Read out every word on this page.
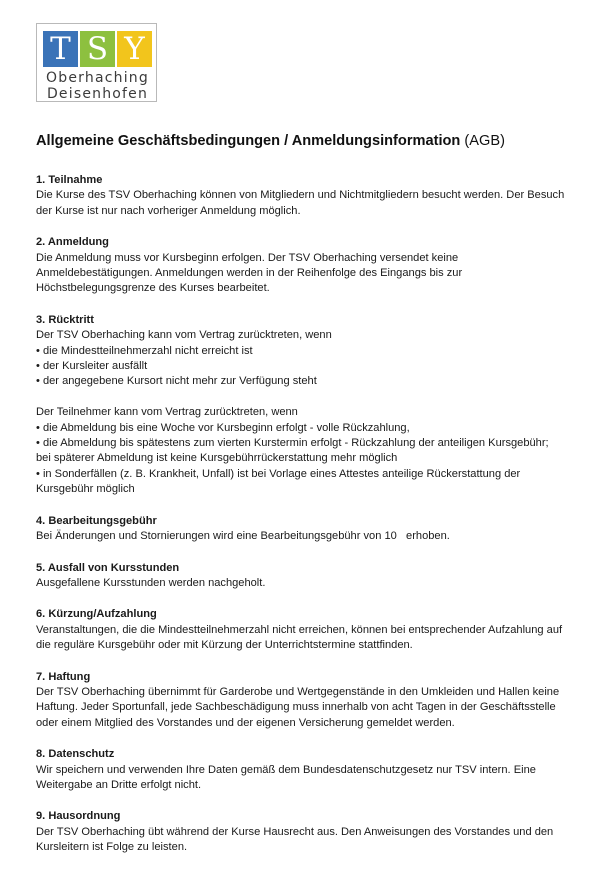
T S Y
Oberhaching
Deisenhofen
Allgemeine Geschäftsbedingungen / Anmeldungsinformation (AGB)
1. Teilnahme

Die Kurse des TSV Oberhaching können von Mitgliedern und Nichtmitgliedern besucht werden. Der Besuch der Kurse ist nur nach vorheriger Anmeldung möglich.

2. Anmeldung

Die Anmeldung muss vor Kursbeginn erfolgen. Der TSV Oberhaching versendet keine Anmeldebestätigungen. Anmeldungen werden in der Reihenfolge des Eingangs bis zur Höchstbelegungsgrenze des Kurses bearbeitet.

3. Rücktritt

Der TSV Oberhaching kann vom Vertrag zurücktreten, wenn

• die Mindestteilnehmerzahl nicht erreicht ist
• der Kursleiter ausfällt
• der angegebene Kursort nicht mehr zur Verfügung steht

Der Teilnehmer kann vom Vertrag zurücktreten, wenn

• die Abmeldung bis eine Woche vor Kursbeginn erfolgt - volle Rückzahlung,
• die Abmeldung bis spätestens zum vierten Kurstermin erfolgt - Rückzahlung der anteiligen Kursgebühr; bei späterer Abmeldung ist keine Kursgebührrückerstattung mehr möglich
• in Sonderfällen (z. B. Krankheit, Unfall) ist bei Vorlage eines Attestes anteilige Rückerstattung der Kursgebühr möglich
4. Bearbeitungsgebühr

Bei Änderungen und Stornierungen wird eine Bearbeitungsgebühr von 10   erhoben.

5. Ausfall von Kursstunden

Ausgefallene Kursstunden werden nachgeholt.

6. Kürzung/Aufzahlung

Veranstaltungen, die die Mindestteilnehmerzahl nicht erreichen, können bei entsprechender Aufzahlung auf die reguläre Kursgebühr oder mit Kürzung der Unterrichtstermine stattfinden.

7. Haftung

Der TSV Oberhaching übernimmt für Garderobe und Wertgegenstände in den Umkleiden und Hallen keine Haftung. Jeder Sportunfall, jede Sachbeschädigung muss innerhalb von acht Tagen in der Geschäftsstelle oder einem Mitglied des Vorstandes und der eigenen Versicherung gemeldet werden.

8. Datenschutz

Wir speichern und verwenden Ihre Daten gemäß dem Bundesdatenschutzgesetz nur TSV intern. Eine Weitergabe an Dritte erfolgt nicht.

9. Hausordnung

Der TSV Oberhaching übt während der Kurse Hausrecht aus. Den Anweisungen des Vorstandes und den Kursleitern ist Folge zu leisten.
